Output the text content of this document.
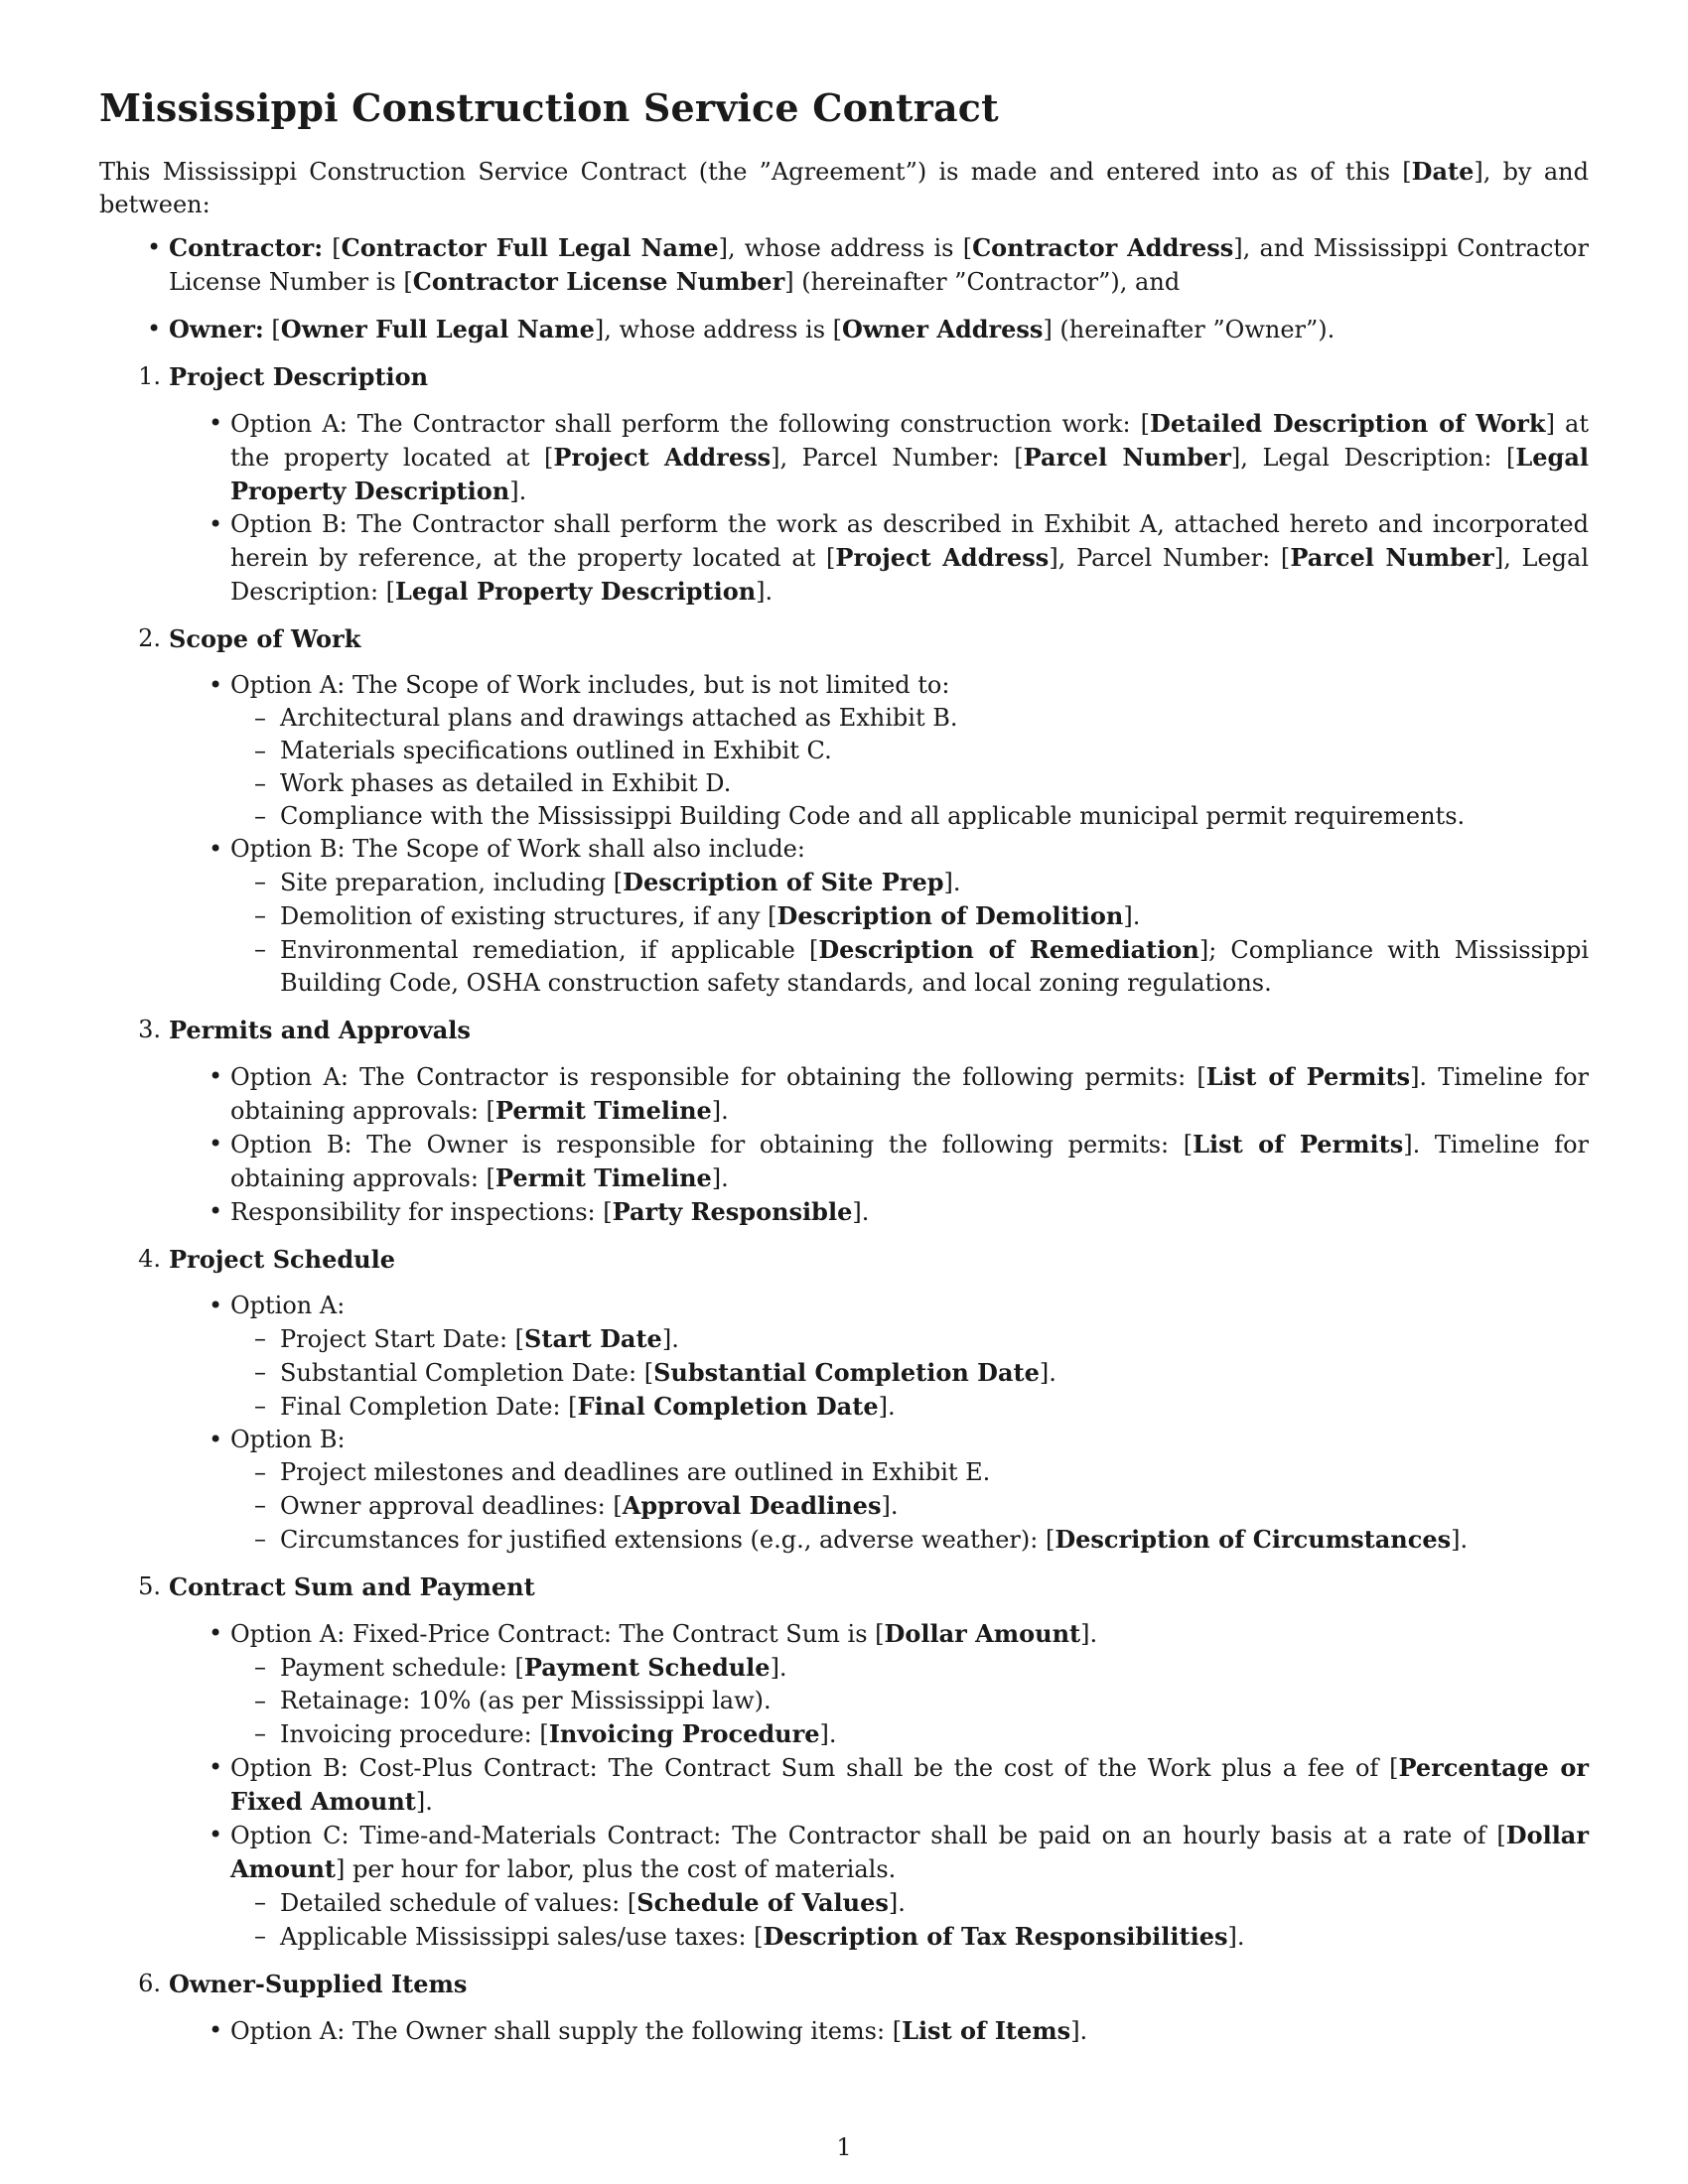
Mississippi Construction Service Contract

This Mississippi Construction Service Contract (the ”Agreement”) is made and entered into as of this [Date], by and between:

• Contractor: [Contractor Full Legal Name], whose address is [Contractor Address], and Mississippi Contractor License Number is [Contractor License Number] (hereinafter ”Contractor”), and
• Owner: [Owner Full Legal Name], whose address is [Owner Address] (hereinafter ”Owner”).
1. Project Description
• Option A: The Contractor shall perform the following construction work: [Detailed Description of Work] at the property located at [Project Address], Parcel Number: [Parcel Number], Legal Description: [Legal Property Description].
• Option B: The Contractor shall perform the work as described in Exhibit A, attached hereto and incorporated herein by reference, at the property located at [Project Address], Parcel Number: [Parcel Number], Legal Description: [Legal Property Description].
2. Scope of Work
• Option A: The Scope of Work includes, but is not limited to:
– Architectural plans and drawings attached as Exhibit B.
– Materials specifications outlined in Exhibit C.
– Work phases as detailed in Exhibit D.
– Compliance with the Mississippi Building Code and all applicable municipal permit requirements.
• Option B: The Scope of Work shall also include:
– Site preparation, including [Description of Site Prep].
– Demolition of existing structures, if any [Description of Demolition].
– Environmental remediation, if applicable [Description of Remediation]; Compliance with Mississippi Building Code, OSHA construction safety standards, and local zoning regulations.
3. Permits and Approvals
• Option A: The Contractor is responsible for obtaining the following permits: [List of Permits]. Timeline for obtaining approvals: [Permit Timeline].
• Option B: The Owner is responsible for obtaining the following permits: [List of Permits]. Timeline for obtaining approvals: [Permit Timeline].
• Responsibility for inspections: [Party Responsible].
4. Project Schedule
• Option A:
– Project Start Date: [Start Date].
– Substantial Completion Date: [Substantial Completion Date].
– Final Completion Date: [Final Completion Date].
• Option B:
– Project milestones and deadlines are outlined in Exhibit E.
– Owner approval deadlines: [Approval Deadlines].
– Circumstances for justified extensions (e.g., adverse weather): [Description of Circumstances].
5. Contract Sum and Payment
• Option A: Fixed-Price Contract: The Contract Sum is [Dollar Amount].
– Payment schedule: [Payment Schedule].
– Retainage: 10% (as per Mississippi law).
– Invoicing procedure: [Invoicing Procedure].
• Option B: Cost-Plus Contract: The Contract Sum shall be the cost of the Work plus a fee of [Percentage or Fixed Amount].
• Option C: Time-and-Materials Contract: The Contractor shall be paid on an hourly basis at a rate of [Dollar Amount] per hour for labor, plus the cost of materials.
– Detailed schedule of values: [Schedule of Values].
– Applicable Mississippi sales/use taxes: [Description of Tax Responsibilities].
6. Owner-Supplied Items
• Option A: The Owner shall supply the following items: [List of Items].
1
